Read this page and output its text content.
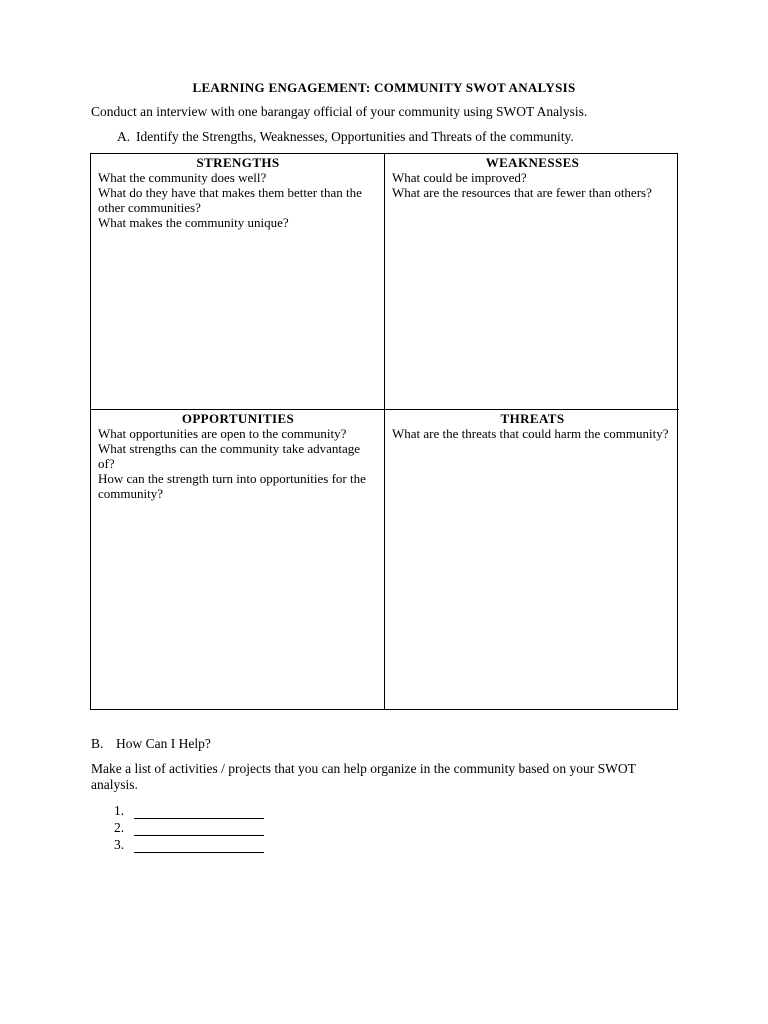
LEARNING ENGAGEMENT: COMMUNITY SWOT ANALYSIS
Conduct an interview with one barangay official of your community using SWOT Analysis.
A. Identify the Strengths, Weaknesses, Opportunities and Threats of the community.
STRENGTHS
What the community does well?
What do they have that makes them better than the other communities?
What makes the community unique?
WEAKNESSES
What could be improved?
What are the resources that are fewer than others?
OPPORTUNITIES
What opportunities are open to the community?
What strengths can the community take advantage of?
How can the strength turn into opportunities for the community?
THREATS
What are the threats that could harm the community?
B. How Can I Help?
Make a list of activities / projects that you can help organize in the community based on your SWOT analysis.
1.
2.
3.
